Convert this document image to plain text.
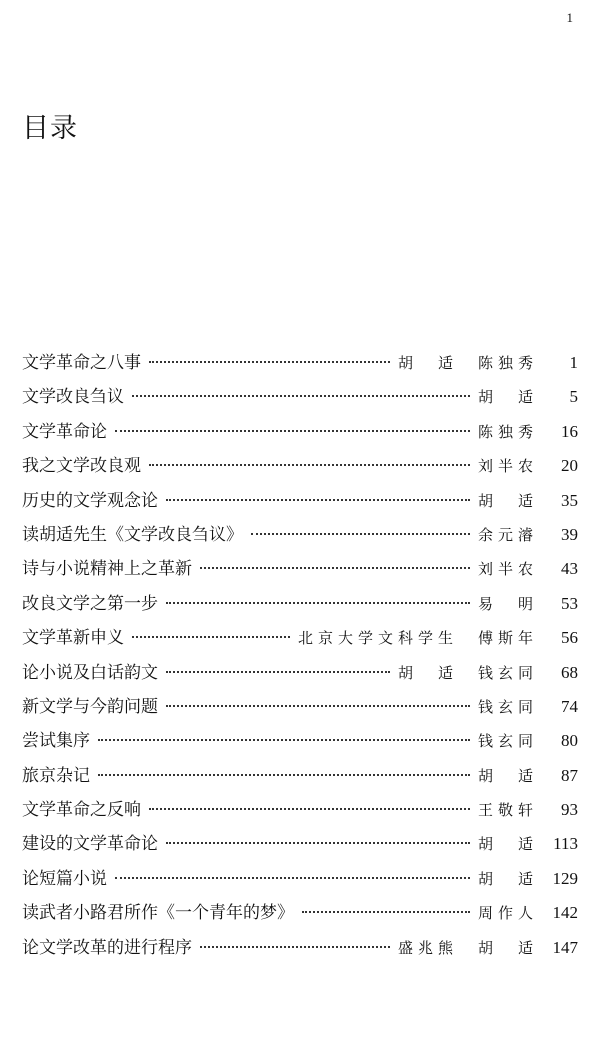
1
目录
文学革命之八事	胡　适　陈独秀	1
文学改良刍议	胡　适	5
文学革命论	陈独秀	16
我之文学改良观	刘半农	20
历史的文学观念论	胡　适	35
读胡适先生《文学改良刍议》	余元濬	39
诗与小说精神上之革新	刘半农	43
改良文学之第一步	易　明	53
文学革新申义	北京大学文科学生　傅斯年	56
论小说及白话韵文	胡　适　钱玄同	68
新文学与今韵问题	钱玄同	74
尝试集序	钱玄同	80
旅京杂记	胡　适	87
文学革命之反响	王敬轩	93
建设的文学革命论	胡　适 113
论短篇小说	胡　适 129
读武者小路君所作《一个青年的梦》	周作人 142
论文学改革的进行程序	盛兆熊　胡　适 147
